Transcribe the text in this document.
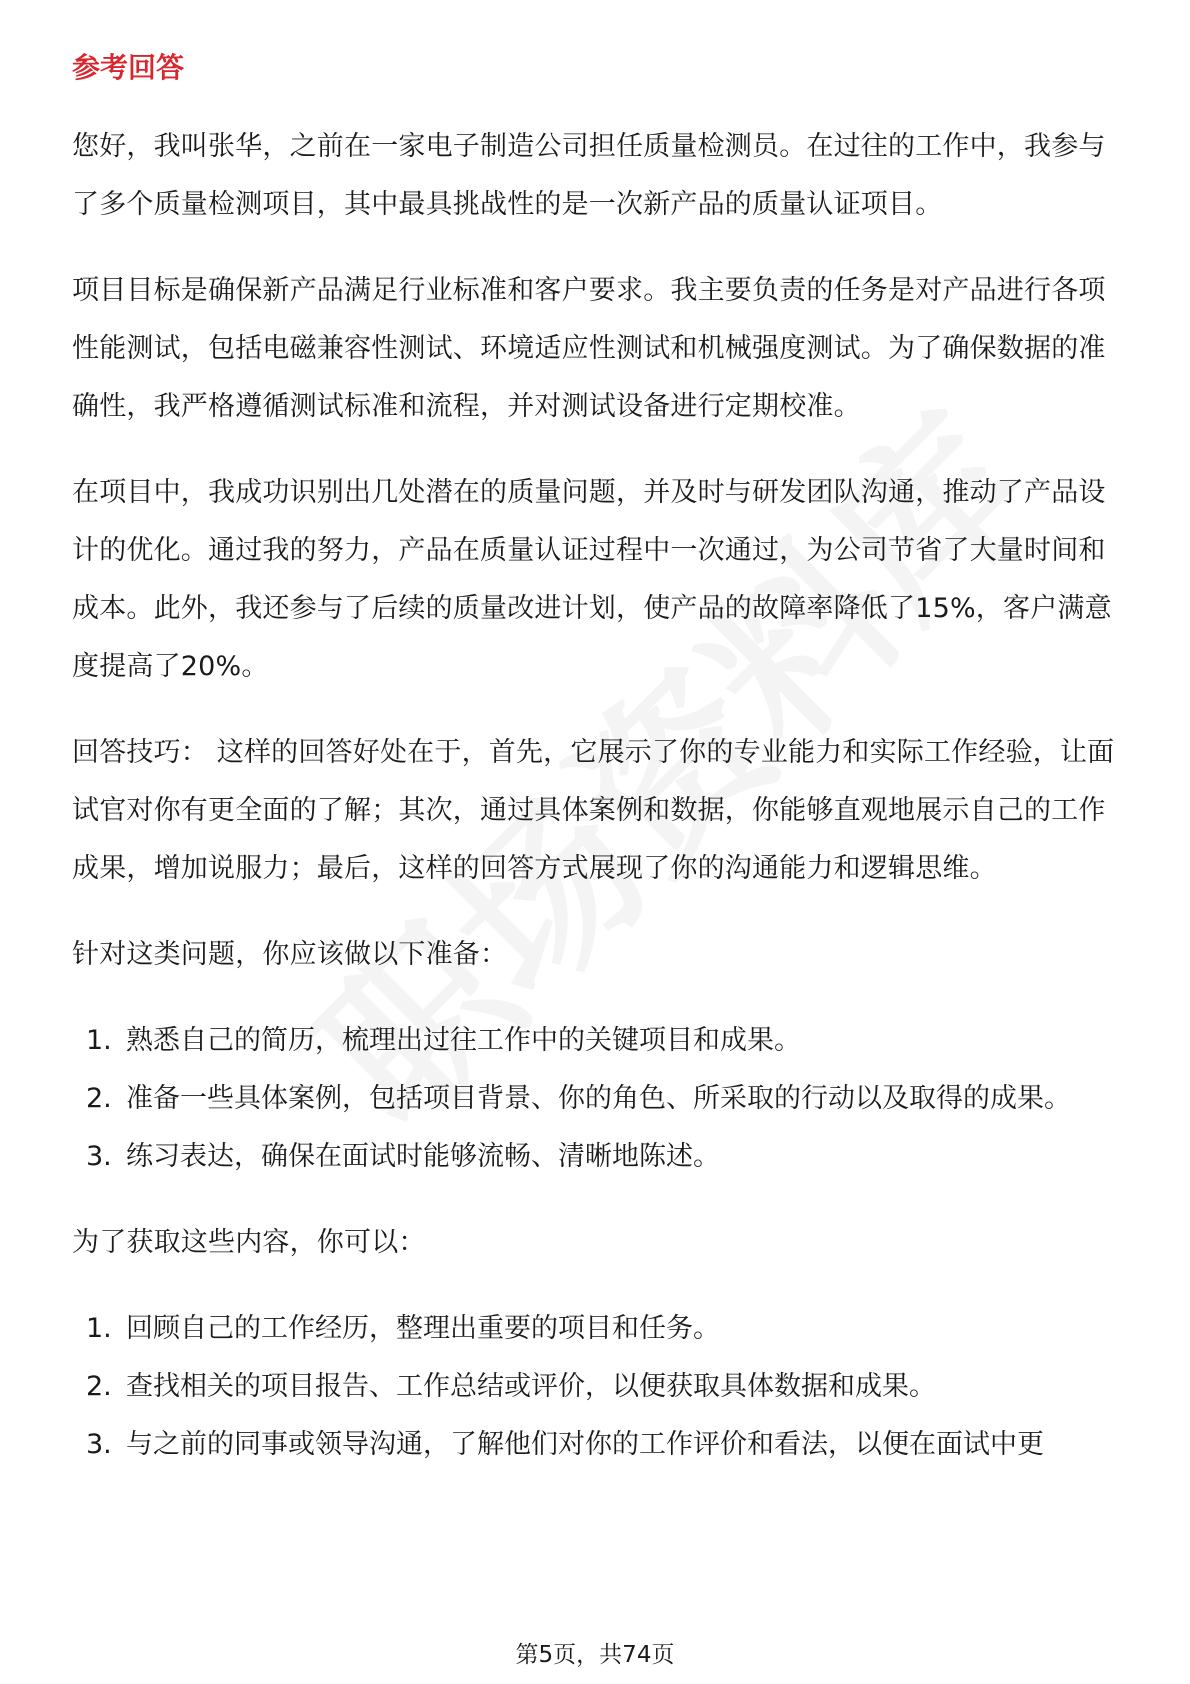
参考回答

您好，我叫张华，之前在一家电子制造公司担任质量检测员。在过往的工作中，我参与了多个质量检测项目，其中最具挑战性的是一次新产品的质量认证项目。

项目目标是确保新产品满足行业标准和客户要求。我主要负责的任务是对产品进行各项性能测试，包括电磁兼容性测试、环境适应性测试和机械强度测试。为了确保数据的准确性，我严格遵循测试标准和流程，并对测试设备进行定期校准。

在项目中，我成功识别出几处潜在的质量问题，并及时与研发团队沟通，推动了产品设计的优化。通过我的努力，产品在质量认证过程中一次通过，为公司节省了大量时间和成本。此外，我还参与了后续的质量改进计划，使产品的故障率降低了15%，客户满意度提高了20%。

回答技巧： 这样的回答好处在于，首先，它展示了你的专业能力和实际工作经验，让面试官对你有更全面的了解；其次，通过具体案例和数据，你能够直观地展示自己的工作成果，增加说服力；最后，这样的回答方式展现了你的沟通能力和逻辑思维。

针对这类问题，你应该做以下准备：

1. 熟悉自己的简历，梳理出过往工作中的关键项目和成果。
2. 准备一些具体案例，包括项目背景、你的角色、所采取的行动以及取得的成果。
3. 练习表达，确保在面试时能够流畅、清晰地陈述。

为了获取这些内容，你可以：

1. 回顾自己的工作经历，整理出重要的项目和任务。
2. 查找相关的项目报告、工作总结或评价，以便获取具体数据和成果。
3. 与之前的同事或领导沟通，了解他们对你的工作评价和看法，以便在面试中更
第5页，共74页
